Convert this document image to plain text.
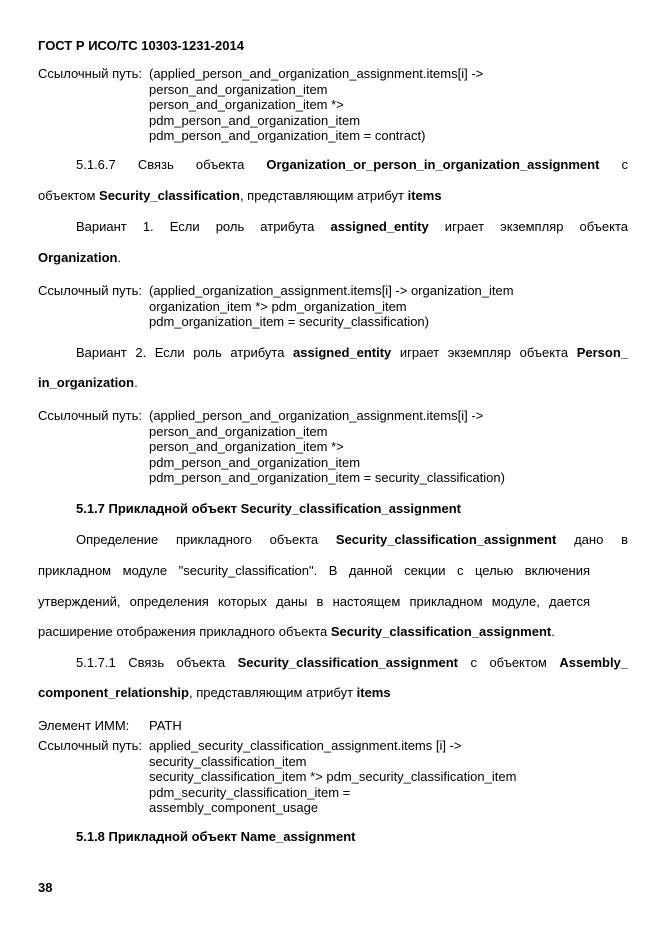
ГОСТ Р ИСО/ТС 10303-1231-2014
Ссылочный путь: (applied_person_and_organization_assignment.items[i] ->
person_and_organization_item
person_and_organization_item *>
pdm_person_and_organization_item
pdm_person_and_organization_item = contract)
5.1.6.7 Связь объекта Organization_or_person_in_organization_assignment с
объектом Security_classification, представляющим атрибут items
Вариант 1. Если роль атрибута assigned_entity играет экземпляр объекта
Organization.
Ссылочный путь: (applied_organization_assignment.items[i] -> organization_item
organization_item *> pdm_organization_item
pdm_organization_item = security_classification)
Вариант 2. Если роль атрибута assigned_entity играет экземпляр объекта Person_
in_organization.
Ссылочный путь: (applied_person_and_organization_assignment.items[i] ->
person_and_organization_item
person_and_organization_item *>
pdm_person_and_organization_item
pdm_person_and_organization_item = security_classification)
5.1.7 Прикладной объект Security_classification_assignment
Определение прикладного объекта Security_classification_assignment дано в
прикладном модуле "security_classification". В данной секции с целью включения
утверждений, определения которых даны в настоящем прикладном модуле, дается
расширение отображения прикладного объекта Security_classification_assignment.
5.1.7.1 Связь объекта Security_classification_assignment с объектом Assembly_
component_relationship, представляющим атрибут items
Элемент ИММ: PATH
Ссылочный путь: applied_security_classification_assignment.items [i] ->
security_classification_item
security_classification_item *> pdm_security_classification_item
pdm_security_classification_item =
assembly_component_usage
5.1.8 Прикладной объект Name_assignment
38
